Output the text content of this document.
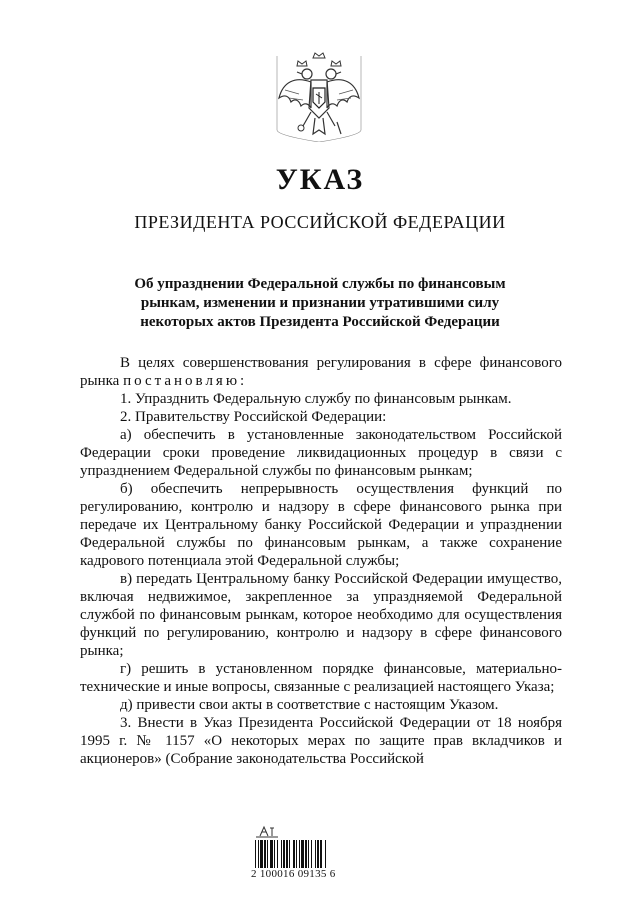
УКАЗ
ПРЕЗИДЕНТА РОССИЙСКОЙ ФЕДЕРАЦИИ
Об упразднении Федеральной службы по финансовым рынкам, изменении и признании утратившими силу некоторых актов Президента Российской Федерации

В целях совершенствования регулирования в сфере финансового рынка постановляю:

1. Упразднить Федеральную службу по финансовым рынкам.

2. Правительству Российской Федерации:

а) обеспечить в установленные законодательством Российской Федерации сроки проведение ликвидационных процедур в связи с упразднением Федеральной службы по финансовым рынкам;

б) обеспечить непрерывность осуществления функций по регулированию, контролю и надзору в сфере финансового рынка при передаче их Центральному банку Российской Федерации и упразднении Федеральной службы по финансовым рынкам, а также сохранение кадрового потенциала этой Федеральной службы;

в) передать Центральному банку Российской Федерации имущество, включая недвижимое, закрепленное за упраздняемой Федеральной службой по финансовым рынкам, которое необходимо для осуществления функций по регулированию, контролю и надзору в сфере финансового рынка;

г) решить в установленном порядке финансовые, материально-технические и иные вопросы, связанные с реализацией настоящего Указа;

д) привести свои акты в соответствие с настоящим Указом.

3. Внести в Указ Президента Российской Федерации от 18 ноября 1995 г. № 1157 «О некоторых мерах по защите прав вкладчиков и акционеров» (Собрание законодательства Российской

2 100016 09135 6
